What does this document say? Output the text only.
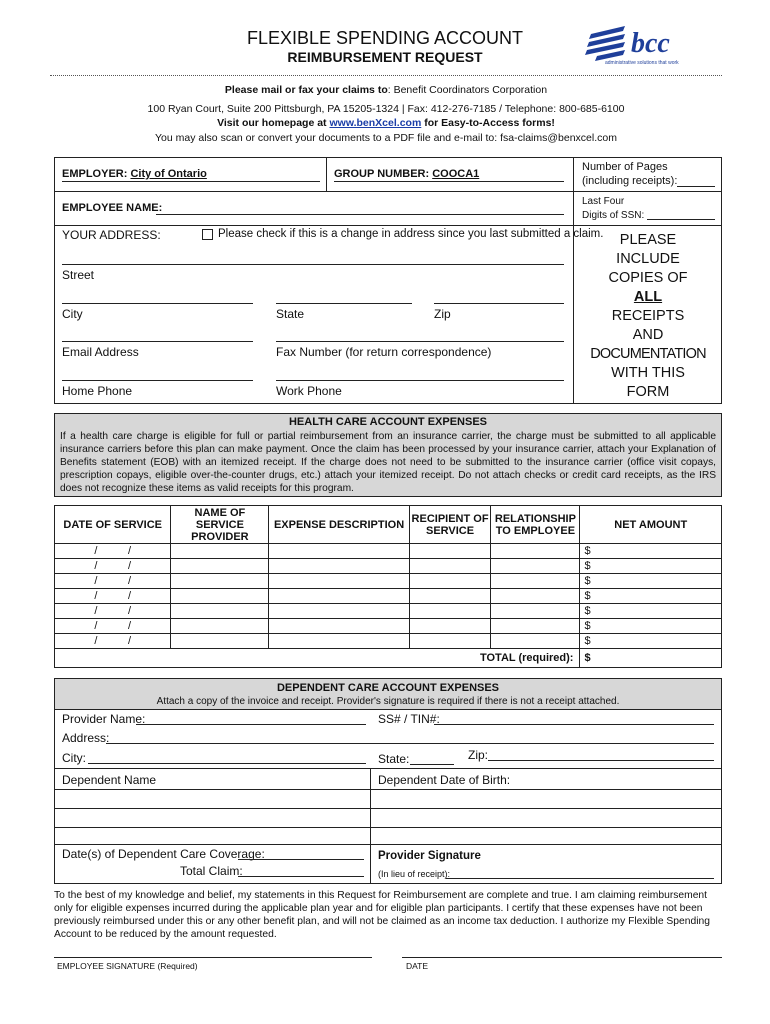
FLEXIBLE SPENDING ACCOUNT
REIMBURSEMENT REQUEST	bcc
administrative solutions that work
Please mail or fax your claims to: Benefit Coordinators Corporation
100 Ryan Court, Suite 200 Pittsburgh, PA 15205-1324 | Fax: 412-276-7185 / Telephone: 800-685-6100
Visit our homepage at www.benXcel.com for Easy-to-Access forms!
You may also scan or convert your documents to a PDF file and e-mail to: fsa-claims@benxcel.com
EMPLOYER: City of Ontario	GROUP NUMBER: COOCA1
Number of Pages
(including receipts):
Last Four
Digits of SSN:
EMPLOYEE NAME:
YOUR ADDRESS:	Please check if this is a change in address since you last submitted a claim.
Street
City	State	Zip
Email Address	Fax Number (for return correspondence)
Home Phone	Work Phone
PLEASE
INCLUDE
COPIES OF
ALL
RECEIPTS
AND
DOCUMENTATION
WITH THIS
FORM
HEALTH CARE ACCOUNT EXPENSES
If a health care charge is eligible for full or partial reimbursement from an insurance carrier, the charge must be submitted to all applicable insurance carriers before this plan can make payment. Once the claim has been processed by your insurance carrier, attach your Explanation of Benefits statement (EOB) with an itemized receipt. If the charge does not need to be submitted to the insurance carrier (office visit copays, prescription copays, eligible over-the-counter drugs, etc.) attach your itemized receipt. Do not attach checks or credit card receipts, as the IRS does not recognize these items as valid receipts for this program.
DATE OF SERVICE	NAME OF SERVICE PROVIDER	EXPENSE DESCRIPTION	RECIPIENT OF SERVICE	RELATIONSHIP TO EMPLOYEE	NET AMOUNT
/          /					$
/          /					$
/          /					$
/          /					$
/          /					$
/          /					$
/          /					$
TOTAL (required):					$
DEPENDENT CARE ACCOUNT EXPENSES
Attach a copy of the invoice and receipt. Provider's signature is required if there is not a receipt attached.
Provider Name:	SS# / TIN#:
Address:
City:	State:	Zip:
Dependent Name	Dependent Date of Birth:
Date(s) of Dependent Care Coverage:
Total Claim:
Provider Signature
(In lieu of receipt):
To the best of my knowledge and belief, my statements in this Request for Reimbursement are complete and true. I am claiming reimbursement only for eligible expenses incurred during the applicable plan year and for eligible plan participants. I certify that these expenses have not been previously reimbursed under this or any other benefit plan, and will not be claimed as an income tax deduction. I authorize my Flexible Spending Account to be reduced by the amount requested.
EMPLOYEE SIGNATURE (Required)	DATE
